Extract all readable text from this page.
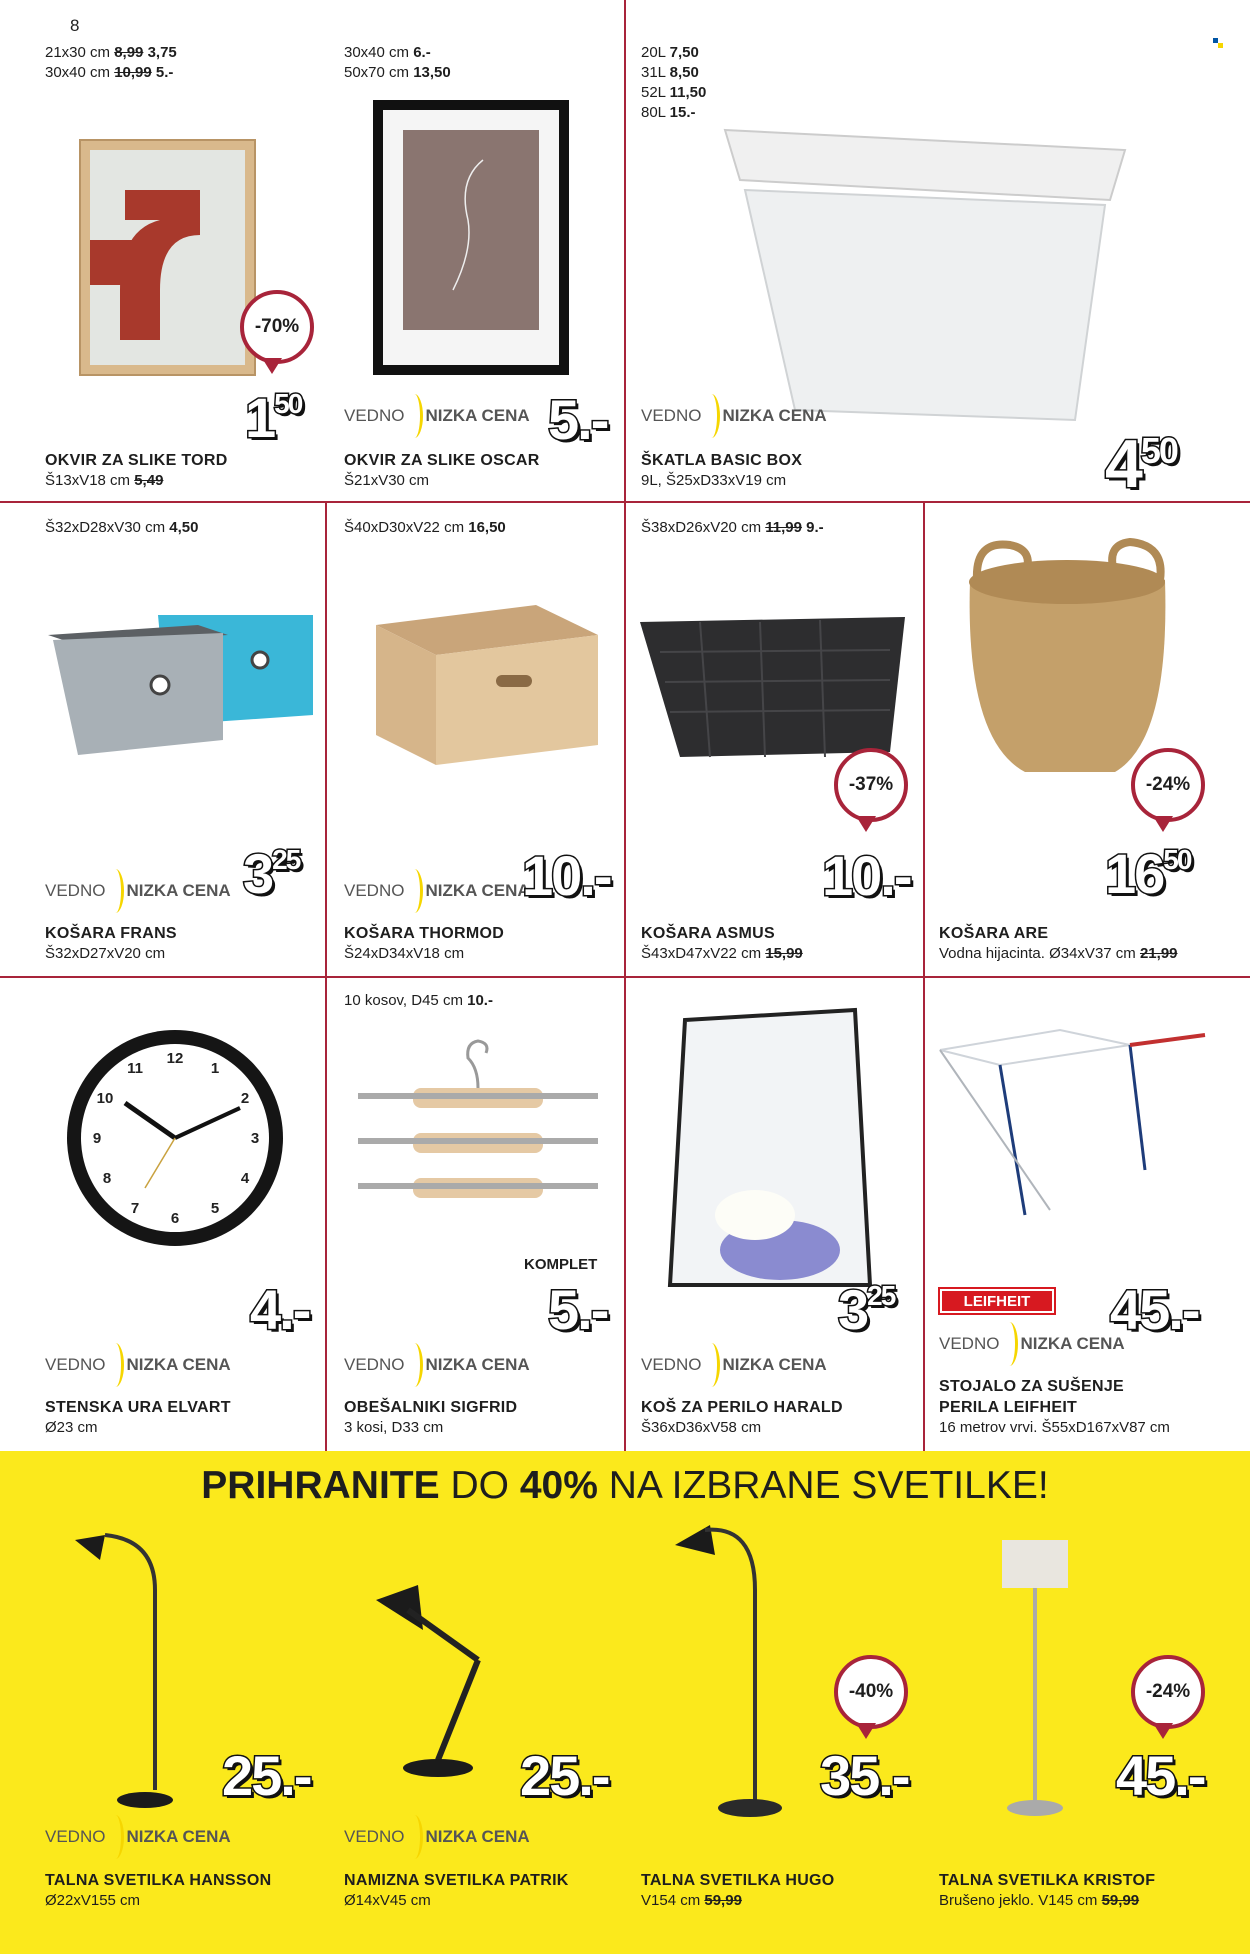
8
PRIHRANITE DO 40% NA IZBRANE SVETILKE!
12
1
2
3
4
5
6
7
8
9
10
11
21x30 cm 8,99 3,75
30x40 cm 10,99 5.-
-70%
150
OKVIR ZA SLIKE TORD
Š13xV18 cm 5,49
30x40 cm 6.-
50x70 cm 13,50
VEDNO NIZKA CENA 5.-
OKVIR ZA SLIKE OSCAR
Š21xV30 cm
20L 7,50
31L 8,50
52L 11,50
80L 15.-
VEDNO NIZKA CENA
450
ŠKATLA BASIC BOX
9L, Š25xD33xV19 cm
Š32xD28xV30 cm 4,50
VEDNO NIZKA CENA 325
KOŠARA FRANS
Š32xD27xV20 cm
Š40xD30xV22 cm 16,50
VEDNO NIZKA CENA
10.-
KOŠARA THORMOD
Š24xD34xV18 cm
Š38xD26xV20 cm 11,99 9.-
-37%
10.-
KOŠARA ASMUS
Š43xD47xV22 cm 15,99
-24%
1650
KOŠARA ARE
Vodna hijacinta. Ø34xV37 cm 21,99
VEDNO NIZKA CENA
4.-
STENSKA URA ELVART
Ø23 cm
10 kosov, D45 cm 10.-
KOMPLET
5.-
VEDNO NIZKA CENA
OBEŠALNIKI SIGFRID
3 kosi, D33 cm
325
VEDNO NIZKA CENA
KOŠ ZA PERILO HARALD
Š36xD36xV58 cm
LEIFHEIT	45.-
VEDNO NIZKA CENA
STOJALO ZA SUŠENJE
PERILA LEIFHEIT
16 metrov vrvi. Š55xD167xV87 cm
25.-
VEDNO NIZKA CENA
TALNA SVETILKA HANSSON
Ø22xV155 cm
25.-
VEDNO NIZKA CENA
NAMIZNA SVETILKA PATRIK
Ø14xV45 cm
-40%
35.-
TALNA SVETILKA HUGO
V154 cm 59,99
-24%
45.-
TALNA SVETILKA KRISTOF
Brušeno jeklo. V145 cm 59,99
